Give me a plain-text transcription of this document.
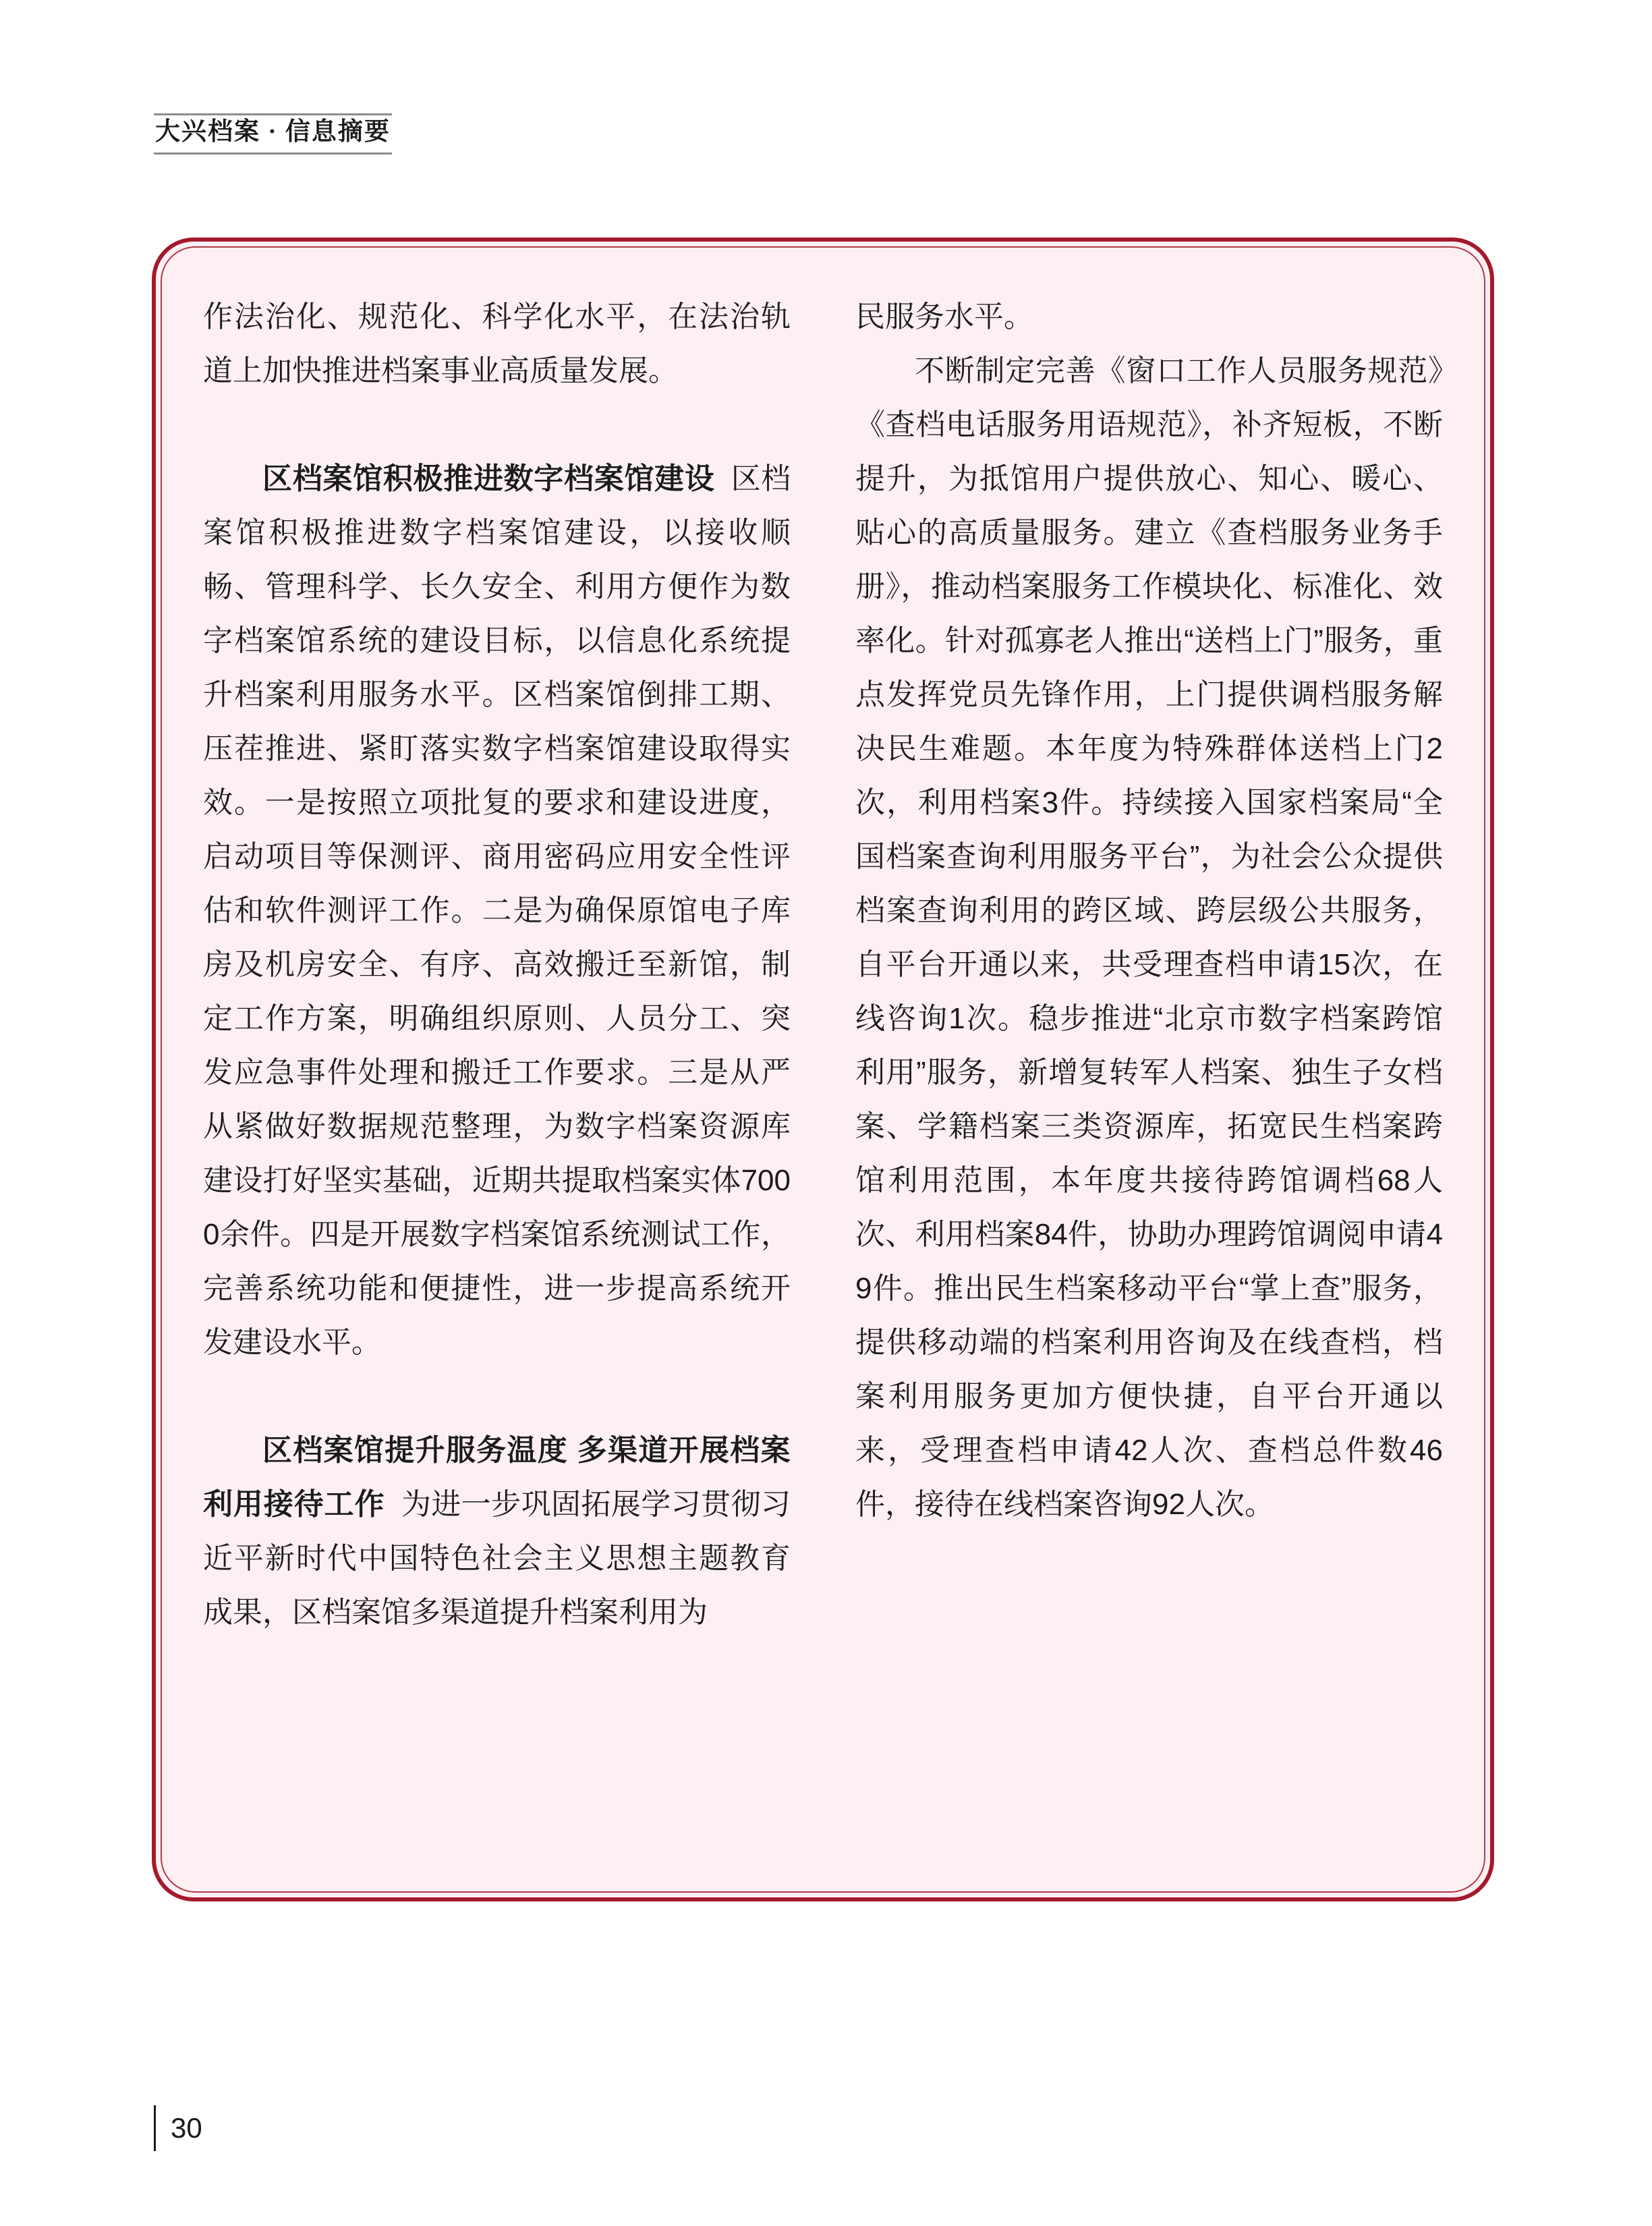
大兴档案 · 信息摘要

作法治化、规范化、科学化水平，在法治轨道上加快推进档案事业高质量发展。

区档案馆积极推进数字档案馆建设 区档案馆积极推进数字档案馆建设，以接收顺畅、管理科学、长久安全、利用方便作为数字档案馆系统的建设目标，以信息化系统提升档案利用服务水平。区档案馆倒排工期、压茬推进、紧盯落实数字档案馆建设取得实效。一是按照立项批复的要求和建设进度，启动项目等保测评、商用密码应用安全性评估和软件测评工作。二是为确保原馆电子库房及机房安全、有序、高效搬迁至新馆，制定工作方案，明确组织原则、人员分工、突发应急事件处理和搬迁工作要求。三是从严从紧做好数据规范整理，为数字档案资源库建设打好坚实基础，近期共提取档案实体7000余件。四是开展数字档案馆系统测试工作，完善系统功能和便捷性，进一步提高系统开发建设水平。

区档案馆提升服务温度 多渠道开展档案利用接待工作 为进一步巩固拓展学习贯彻习近平新时代中国特色社会主义思想主题教育成果，区档案馆多渠道提升档案利用为

民服务水平。

不断制定完善《窗口工作人员服务规范》《查档电话服务用语规范》，补齐短板，不断提升，为抵馆用户提供放心、知心、暖心、贴心的高质量服务。建立《查档服务业务手册》，推动档案服务工作模块化、标准化、效率化。针对孤寡老人推出“送档上门”服务，重点发挥党员先锋作用，上门提供调档服务解决民生难题。本年度为特殊群体送档上门2次，利用档案3件。持续接入国家档案局“全国档案查询利用服务平台”，为社会公众提供档案查询利用的跨区域、跨层级公共服务，自平台开通以来，共受理查档申请15次，在线咨询1次。稳步推进“北京市数字档案跨馆利用”服务，新增复转军人档案、独生子女档案、学籍档案三类资源库，拓宽民生档案跨馆利用范围，本年度共接待跨馆调档68人次、利用档案84件，协助办理跨馆调阅申请49件。推出民生档案移动平台“掌上查”服务，提供移动端的档案利用咨询及在线查档，档案利用服务更加方便快捷，自平台开通以来，受理查档申请42人次、查档总件数46件，接待在线档案咨询92人次。

30
